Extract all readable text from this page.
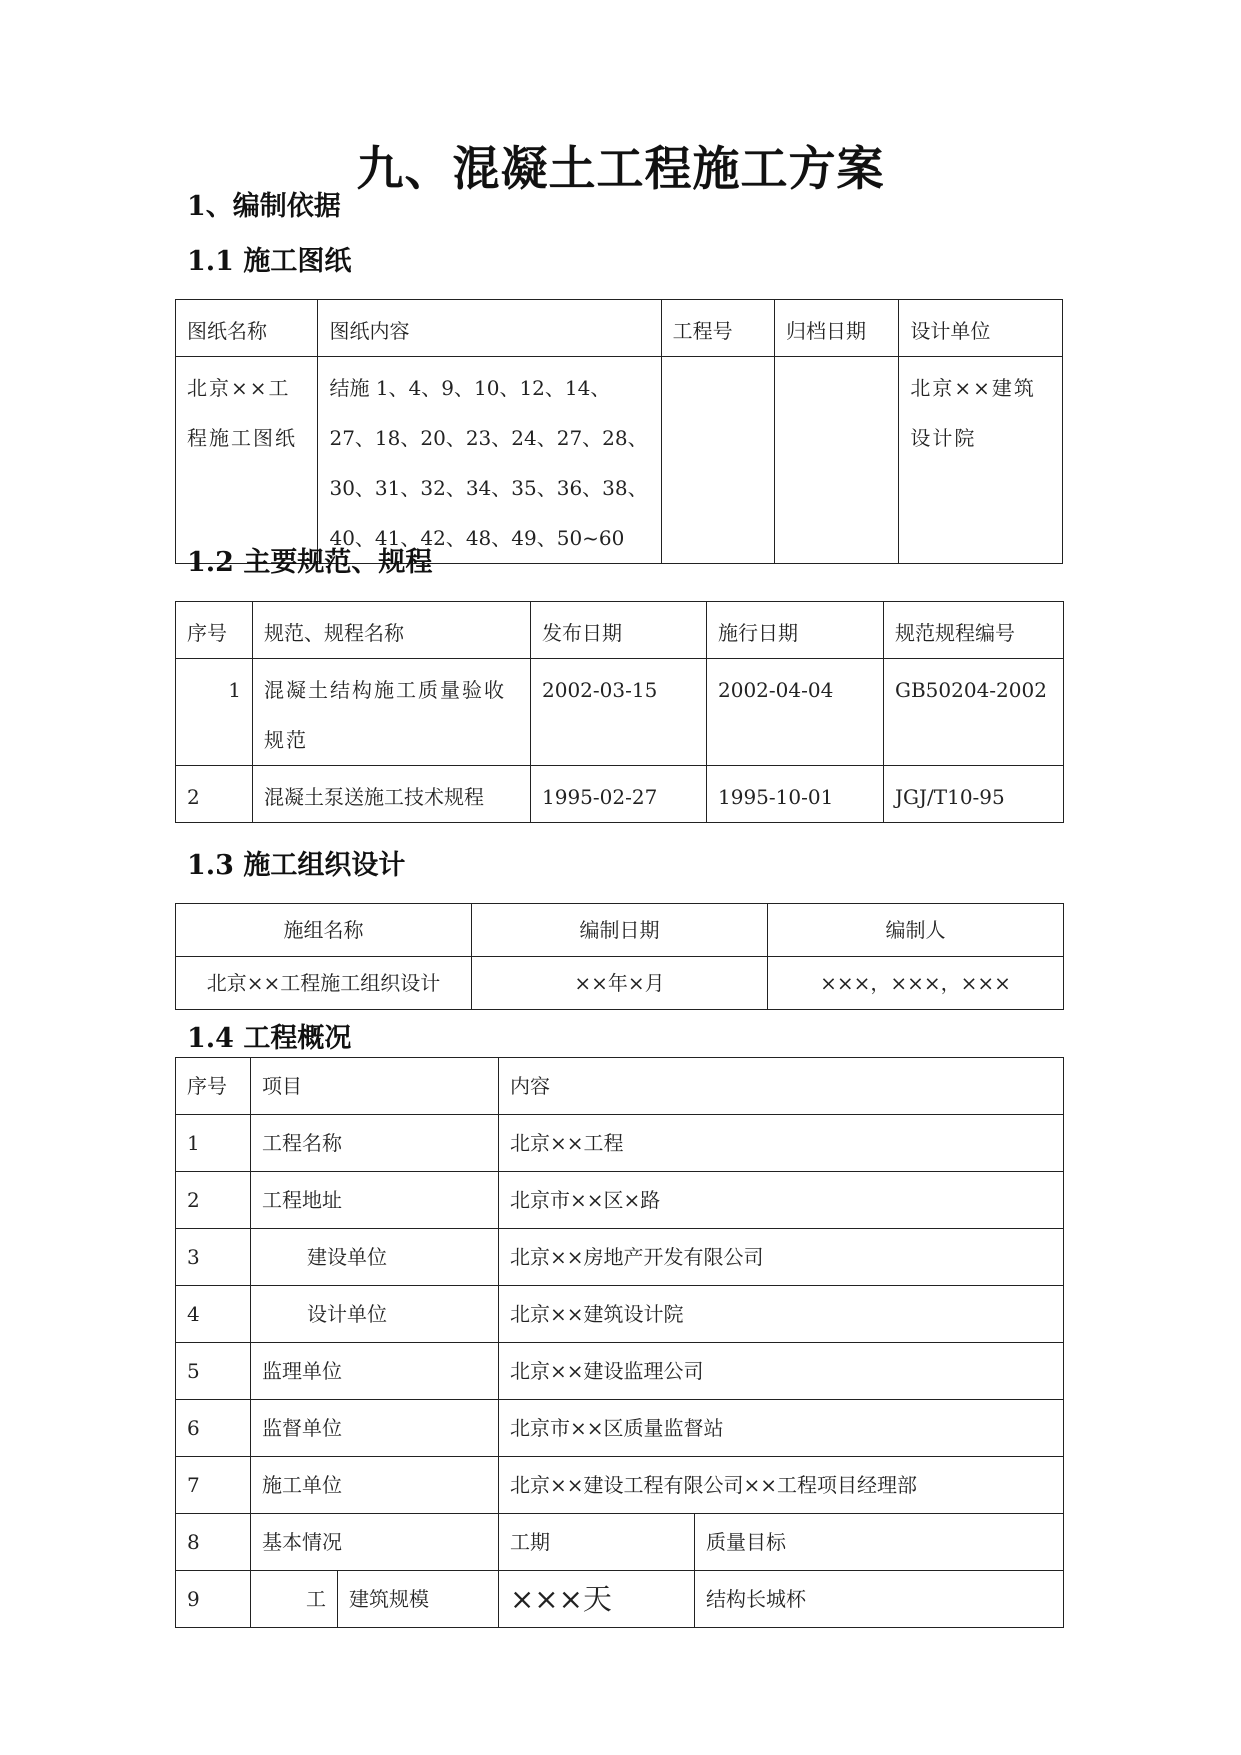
九、混凝土工程施工方案
1、编制依据
1.1 施工图纸
图纸名称	图纸内容	工程号	归档日期	设计单位
北京××工程施工图纸	结施 1、4、9、10、12、14、27、18、20、23、24、27、28、30、31、32、34、35、36、38、40、41、42、48、49、50~60			北京××建筑设计院
1.2 主要规范、规程
序号	规范、规程名称	发布日期	施行日期	规范规程编号
1	混凝土结构施工质量验收规范	2002-03-15	2002-04-04	GB50204-2002
2	混凝土泵送施工技术规程	1995-02-27	1995-10-01	JGJ/T10-95
1.3 施工组织设计
施组名称	编制日期	编制人
北京××工程施工组织设计	××年×月	×××，×××，×××
1.4 工程概况
序号	项目		内容	
1	工程名称		北京××工程	
2	工程地址		北京市××区×路	
3	建设单位		北京××房地产开发有限公司	
4	设计单位		北京××建筑设计院	
5	监理单位		北京××建设监理公司	
6	监督单位		北京市××区质量监督站	
7	施工单位		北京××建设工程有限公司××工程项目经理部	
8	基本情况		工期	质量目标
9	工	建筑规模	×××天	结构长城杯
